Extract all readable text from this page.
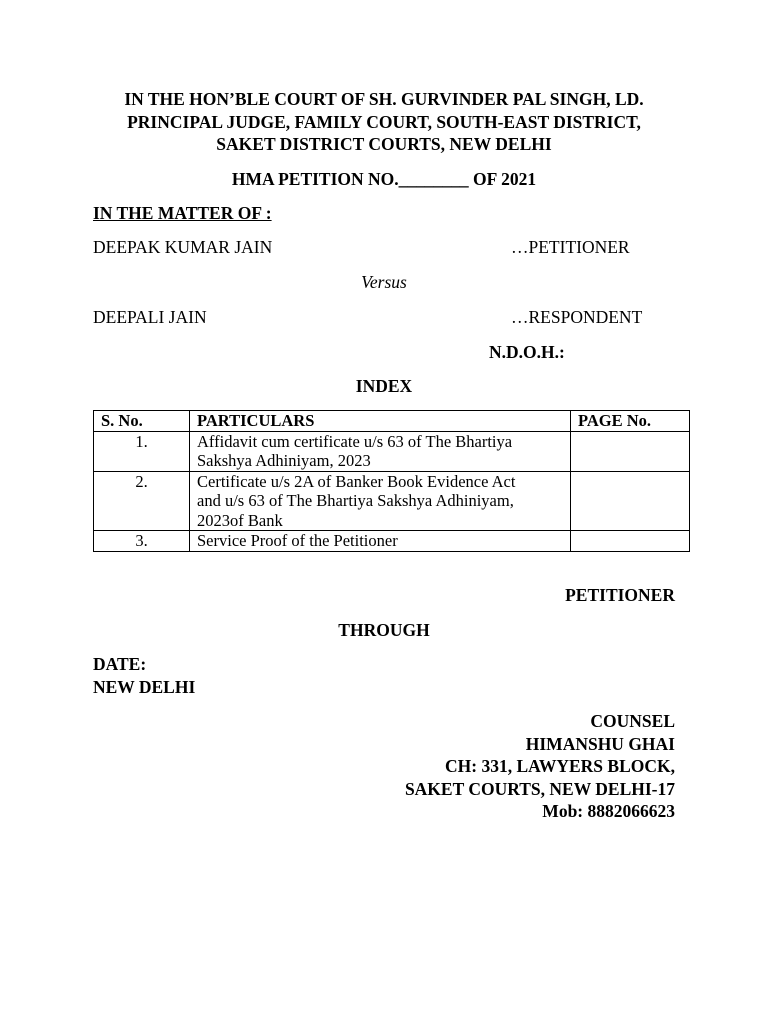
IN THE HON’BLE COURT OF SH. GURVINDER PAL SINGH, LD.
PRINCIPAL JUDGE, FAMILY COURT, SOUTH-EAST DISTRICT,
SAKET DISTRICT COURTS, NEW DELHI
HMA PETITION NO.________ OF 2021
IN THE MATTER OF :
DEEPAK KUMAR JAIN	…PETITIONER
Versus
DEEPALI JAIN	…RESPONDENT
N.D.O.H.:
INDEX
S. No.	PARTICULARS	PAGE No.
1.	Affidavit cum certificate u/s 63 of The Bhartiya
Sakshya Adhiniyam, 2023	

2.	Certificate u/s 2A of Banker Book Evidence Act
and u/s 63 of The Bhartiya Sakshya Adhiniyam,
2023of Bank	

3.	Service Proof of the Petitioner	

PETITIONER
THROUGH
DATE:
NEW DELHI
COUNSEL
HIMANSHU GHAI
CH: 331, LAWYERS BLOCK,
SAKET COURTS, NEW DELHI-17
Mob: 8882066623
